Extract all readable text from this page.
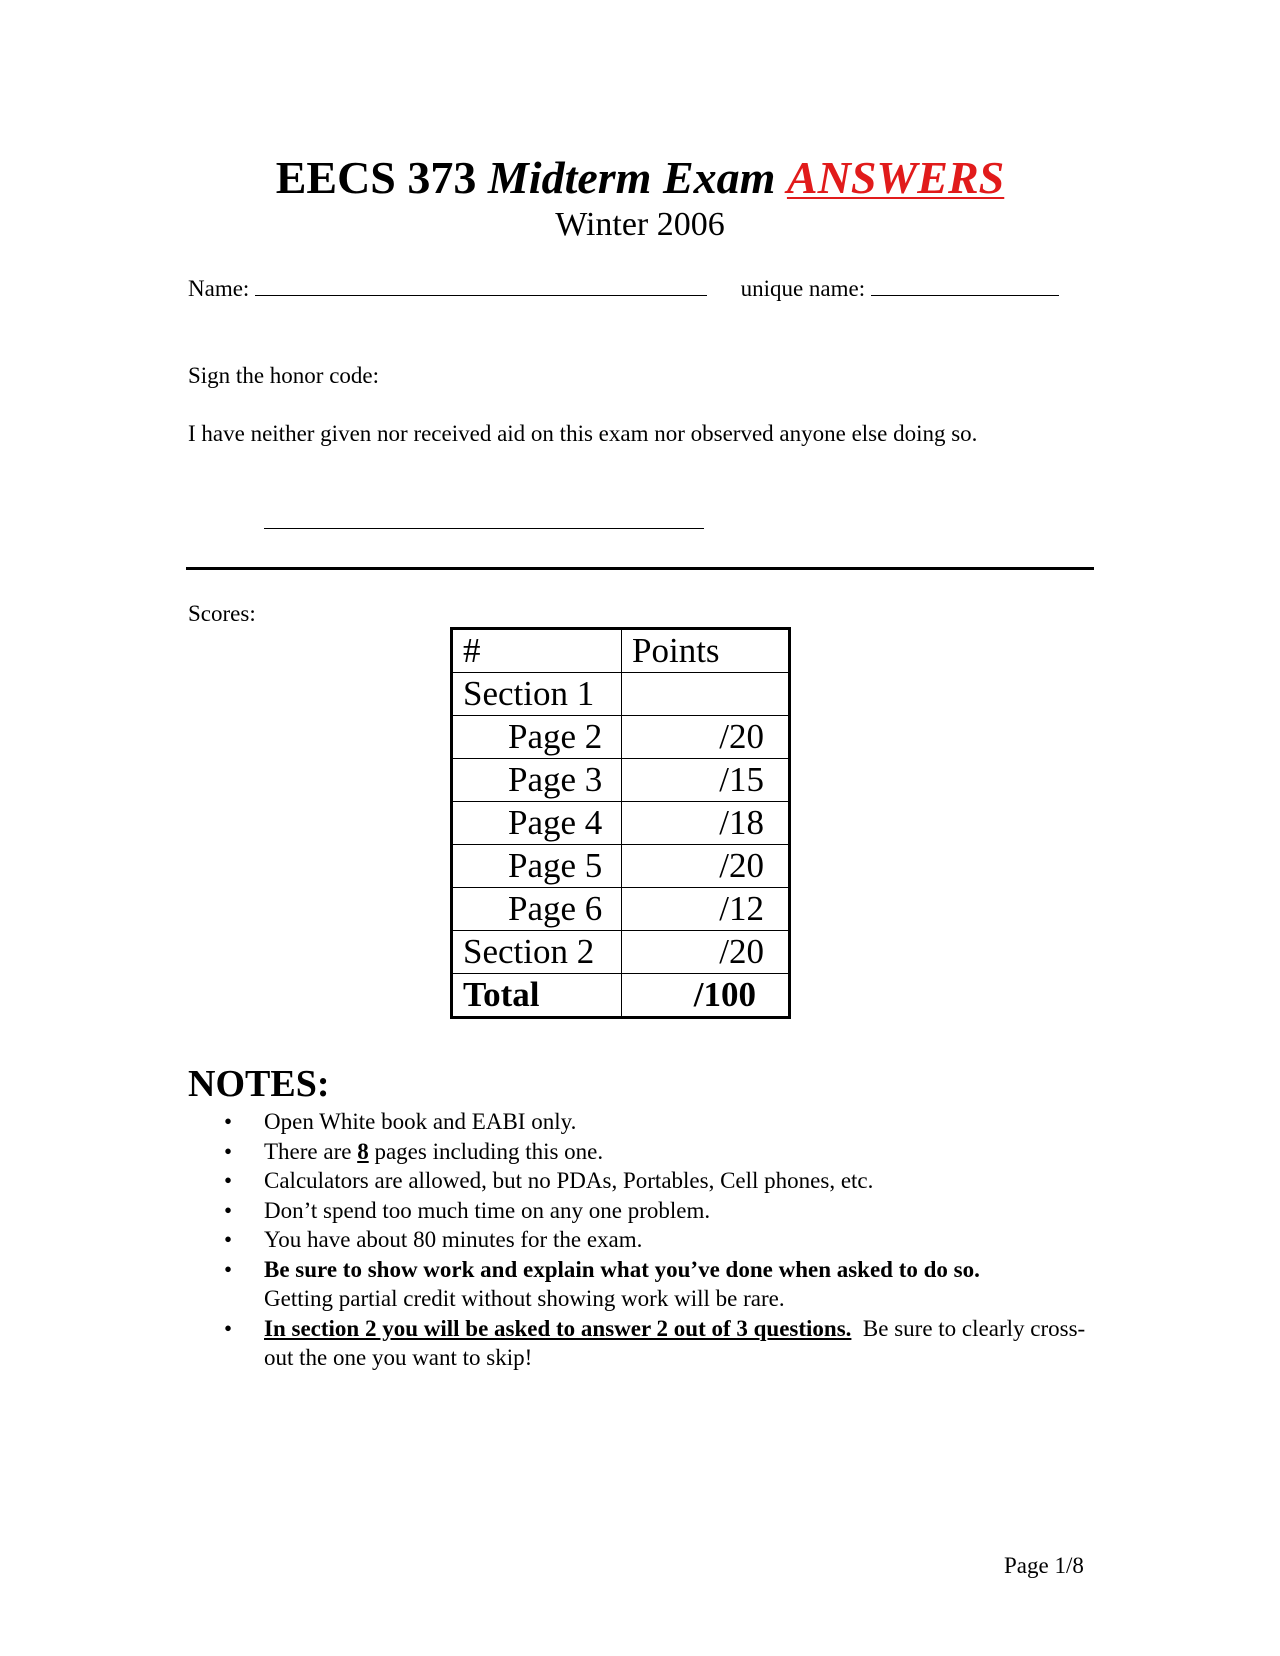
EECS 373 Midterm Exam ANSWERS
Winter 2006
Name:	unique name:
Sign the honor code:
I have neither given nor received aid on this exam nor observed anyone else doing so.
Scores:
#	Points
Section 1	
Page 2	/20
Page 3	/15
Page 4	/18
Page 5	/20
Page 6	/12
Section 2	/20
Total	/100
NOTES:
• Open White book and EABI only.
• There are 8 pages including this one.
• Calculators are allowed, but no PDAs, Portables, Cell phones, etc.
• Don’t spend too much time on any one problem.
• You have about 80 minutes for the exam.
• Be sure to show work and explain what you’ve done when asked to do so.
Getting partial credit without showing work will be rare.
• In section 2 you will be asked to answer 2 out of 3 questions.  Be sure to clearly cross-out the one you want to skip!
Page 1/8
